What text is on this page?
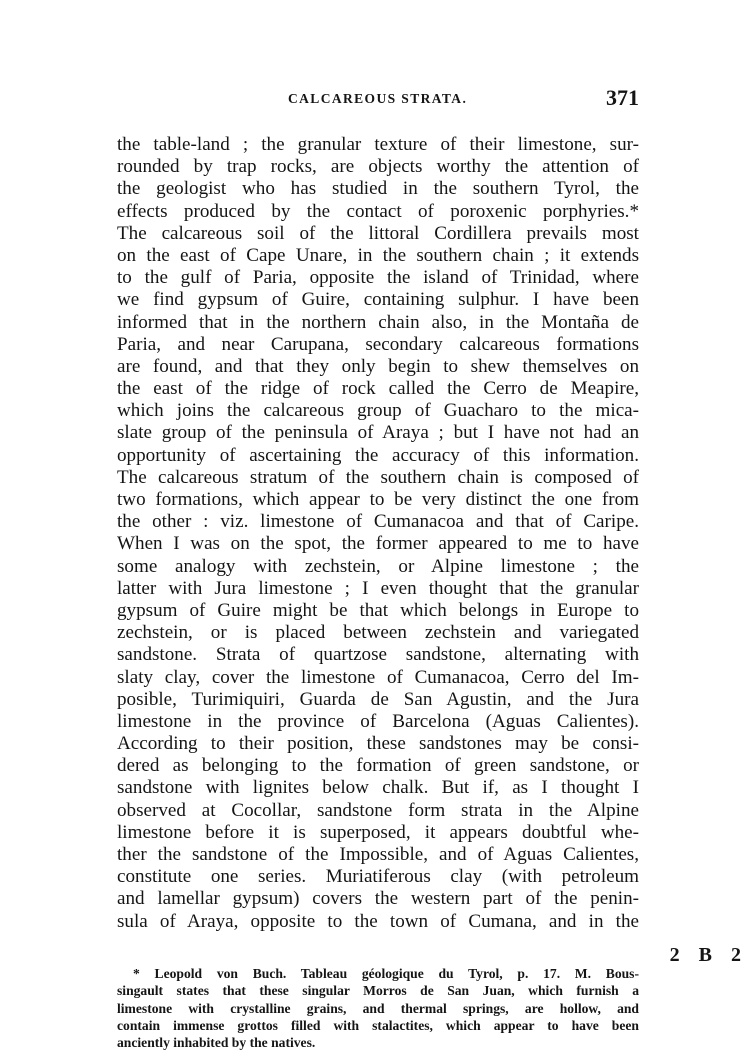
CALCAREOUS STRATA.	371
the table-land ; the granular texture of their limestone, sur-
rounded by trap rocks, are objects worthy the attention of
the geologist who has studied in the southern Tyrol, the
effects produced by the contact of poroxenic porphyries.*
The calcareous soil of the littoral Cordillera prevails most
on the east of Cape Unare, in the southern chain ; it extends
to the gulf of Paria, opposite the island of Trinidad, where
we find gypsum of Guire, containing sulphur. I have been
informed that in the northern chain also, in the Montaña de
Paria, and near Carupana, secondary calcareous formations
are found, and that they only begin to shew themselves on
the east of the ridge of rock called the Cerro de Meapire,
which joins the calcareous group of Guacharo to the mica-
slate group of the peninsula of Araya ; but I have not had an
opportunity of ascertaining the accuracy of this information.
The calcareous stratum of the southern chain is composed of
two formations, which appear to be very distinct the one from
the other : viz. limestone of Cumanacoa and that of Caripe.
When I was on the spot, the former appeared to me to have
some analogy with zechstein, or Alpine limestone ; the
latter with Jura limestone ; I even thought that the granular
gypsum of Guire might be that which belongs in Europe to
zechstein, or is placed between zechstein and variegated
sandstone. Strata of quartzose sandstone, alternating with
slaty clay, cover the limestone of Cumanacoa, Cerro del Im-
posible, Turimiquiri, Guarda de San Agustin, and the Jura
limestone in the province of Barcelona (Aguas Calientes).
According to their position, these sandstones may be consi-
dered as belonging to the formation of green sandstone, or
sandstone with lignites below chalk. But if, as I thought I
observed at Cocollar, sandstone form strata in the Alpine
limestone before it is superposed, it appears doubtful whe-
ther the sandstone of the Impossible, and of Aguas Calientes,
constitute one series. Muriatiferous clay (with petroleum
and lamellar gypsum) covers the western part of the penin-
sula of Araya, opposite to the town of Cumana, and in the
* Leopold von Buch. Tableau géologique du Tyrol, p. 17. M. Bous-
singault states that these singular Morros de San Juan, which furnish a
limestone with crystalline grains, and thermal springs, are hollow, and
contain immense grottos filled with stalactites, which appear to have been
anciently inhabited by the natives.
2 B 2
